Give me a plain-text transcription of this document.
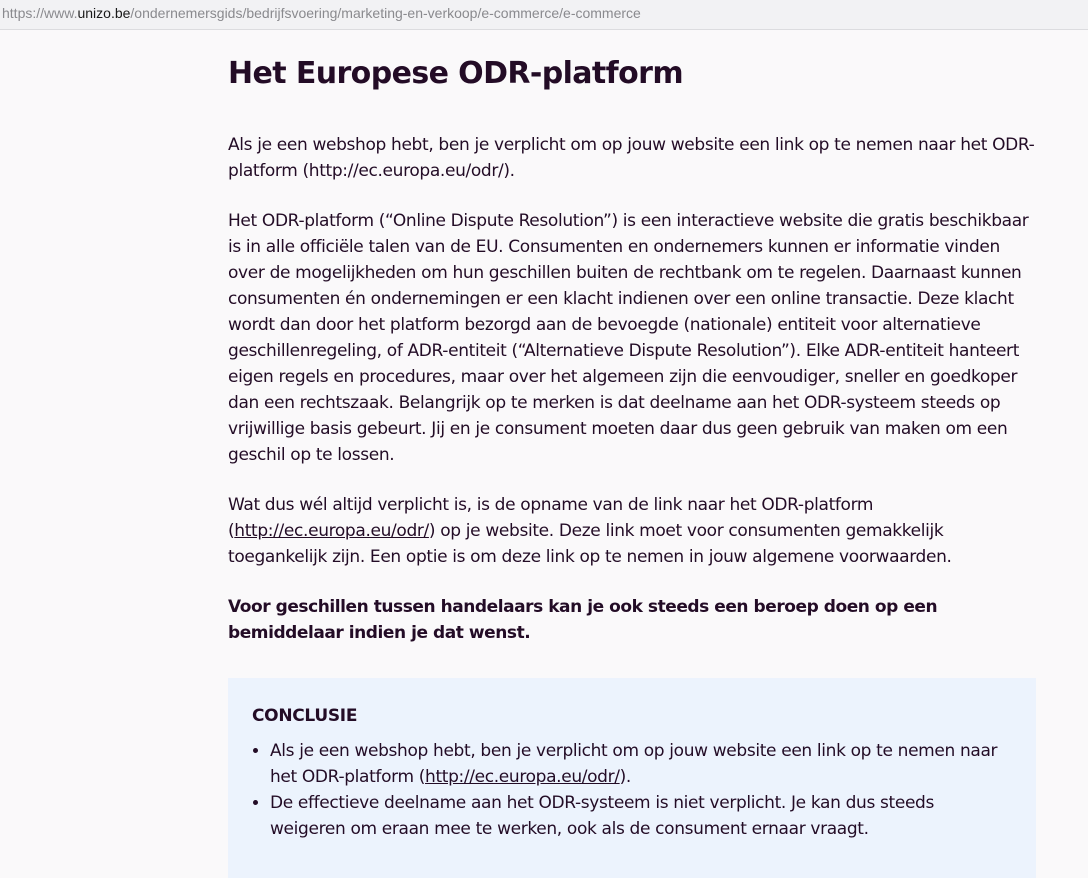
https://www.unizo.be/ondernemersgids/bedrijfsvoering/marketing-en-verkoop/e-commerce/e-commerce
Het Europese ODR-platform

Als je een webshop hebt, ben je verplicht om op jouw website een link op te nemen naar het ODR-platform (http://ec.europa.eu/odr/).

Het ODR-platform (“Online Dispute Resolution”) is een interactieve website die gratis beschikbaar is in alle officiële talen van de EU. Consumenten en ondernemers kunnen er informatie vinden over de mogelijkheden om hun geschillen buiten de rechtbank om te regelen. Daarnaast kunnen consumenten én ondernemingen er een klacht indienen over een online transactie. Deze klacht wordt dan door het platform bezorgd aan de bevoegde (nationale) entiteit voor alternatieve geschillenregeling, of ADR-entiteit (“Alternatieve Dispute Resolution”). Elke ADR-entiteit hanteert eigen regels en procedures, maar over het algemeen zijn die eenvoudiger, sneller en goedkoper dan een rechtszaak. Belangrijk op te merken is dat deelname aan het ODR-systeem steeds op vrijwillige basis gebeurt. Jij en je consument moeten daar dus geen gebruik van maken om een geschil op te lossen.

Wat dus wél altijd verplicht is, is de opname van de link naar het ODR-platform (http://ec.europa.eu/odr/) op je website. Deze link moet voor consumenten gemakkelijk toegankelijk zijn. Een optie is om deze link op te nemen in jouw algemene voorwaarden.

Voor geschillen tussen handelaars kan je ook steeds een beroep doen op een bemiddelaar indien je dat wenst.

CONCLUSIE
• Als je een webshop hebt, ben je verplicht om op jouw website een link op te nemen naar het ODR-platform (http://ec.europa.eu/odr/).
• De effectieve deelname aan het ODR-systeem is niet verplicht. Je kan dus steeds weigeren om eraan mee te werken, ook als de consument ernaar vraagt.
